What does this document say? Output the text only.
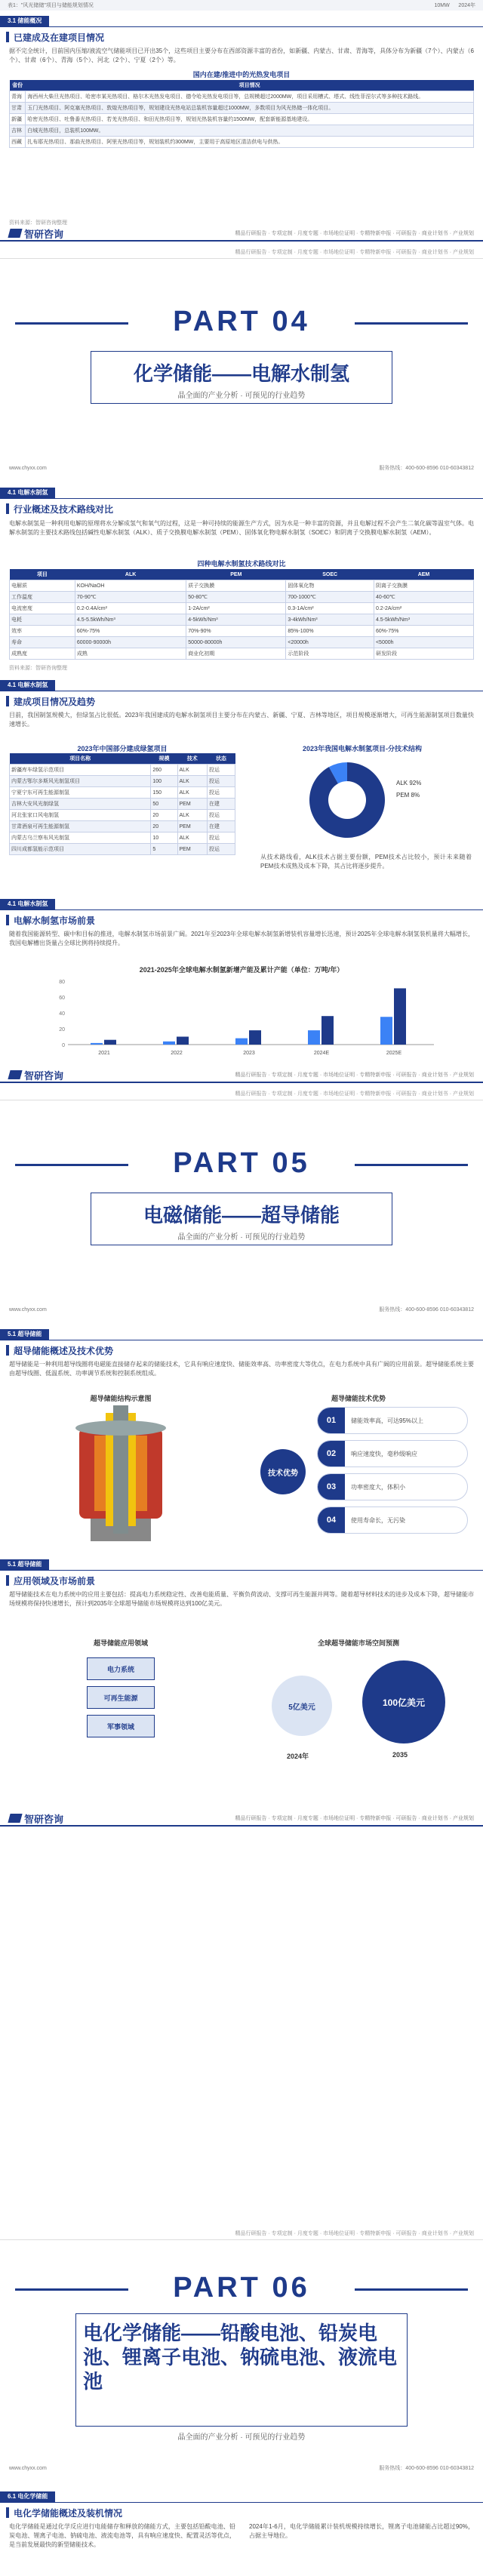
表1："风光储储"项目与储能规划情况	10MW 2024年
3.1 储能概况
已建成及在建项目情况
据不完全统计，目前国内压缩/液流空气储能项目已开出35个，这些项目主要分布在西部资源丰富的省份，如新疆、内蒙古、甘肃、青海等，具体分布为新疆（7个）、内蒙古（6个）、甘肃（6个）、青海（5个）、河北（2个）、宁夏（2个）等。
国内在建/推进中的光热发电项目
省份	项目情况
青海	海西州大柴旦光热项目、哈密市某光热项目、格尔木光热发电项目、德令哈光热发电项目等，总规模超过2000MW，项目采用槽式、塔式、线性菲涅尔式等多种技术路线。
甘肃	玉门光热项目、阿克塞光热项目、敦煌光热项目等，规划建设光热电站总装机容量超过1000MW，多数项目为风光热储一体化项目。
新疆	哈密光热项目、吐鲁番光热项目、若羌光热项目、和田光热项目等，规划光热装机容量约1500MW，配套新能源基地建设。
吉林	白城光热项目，总装机100MW。
西藏	扎布耶光热项目、那曲光热项目、阿里光热项目等，规划装机约300MW，主要用于高原地区清洁供电与供热。
资料来源：智研咨询整理
智研咨询	精品行研报告 · 专项定制 · 月度专题 · 市场地位证明 · 专精特新申报 · 可研报告 · 商业计划书 · 产业规划
精品行研报告 · 专项定制 · 月度专题 · 市场地位证明 · 专精特新申报 · 可研报告 · 商业计划书 · 产业规划
PART 04
化学储能——电解水制氢
晶全面的产业分析 · 可预见的行业趋势
www.chyxx.com	服务热线：400-600-8596 010-60343812
4.1 电解水制氢
行业概述及技术路线对比
电解水制氢是一种利用电解的原理将水分解成氢气和氧气的过程，这是一种可持续的能源生产方式，因为水是一种丰富的资源，并且电解过程不会产生二氧化碳等温室气体。电解水制氢的主要技术路线包括碱性电解水制氢（ALK）、质子交换膜电解水制氢（PEM）、固体氧化物电解水制氢（SOEC）和阴离子交换膜电解水制氢（AEM）。
四种电解水制氢技术路线对比
项目	ALK	PEM	SOEC	AEM
电解质	KOH/NaOH	质子交换膜	固体氧化物	阴离子交换膜
工作温度	70-90℃	50-80℃	700-1000℃	40-60℃
电流密度	0.2-0.4A/cm²	1-2A/cm²	0.3-1A/cm²	0.2-2A/cm²
电耗	4.5-5.5kWh/Nm³	4-5kWh/Nm³	3-4kWh/Nm³	4.5-5kWh/Nm³
效率	60%-75%	70%-90%	85%-100%	60%-75%
寿命	60000-90000h	50000-80000h	<20000h	<5000h
成熟度	成熟	商业化初期	示范阶段	研发阶段
资料来源：智研咨询整理
4.1 电解水制氢
建成项目情况及趋势
目前，我国制氢规模大，但绿氢占比很低。2023年我国建成的电解水制氢项目主要分布在内蒙古、新疆、宁夏、吉林等地区，项目规模逐渐增大，可再生能源制氢项目数量快速增长。
2023年中国部分建成绿氢项目
项目名称	规模	技术	状态
新疆库车绿氢示范项目	260	ALK	投运
内蒙古鄂尔多斯风光制氢项目	100	ALK	投运
宁夏宁东可再生能源制氢	150	ALK	投运
吉林大安风光制绿氢	50	PEM	在建
河北张家口风电制氢	20	ALK	投运
甘肃酒泉可再生能源制氢	20	PEM	在建
内蒙古乌兰察布风光制氢	10	ALK	投运
四川成都氢能示范项目	5	PEM	投运
2023年我国电解水制氢项目-分技术结构
ALK 92%
PEM 8%
从技术路线看，ALK技术占据主要份额，PEM技术占比较小，预计未来随着PEM技术成熟及成本下降，其占比将逐步提升。
4.1 电解水制氢
电解水制氢市场前景
随着我国能源转型、碳中和目标的推进，电解水制氢市场前景广阔。2021年至2023年全球电解水制氢新增装机容量增长迅速，预计2025年全球电解水制氢装机量将大幅增长，我国电解槽出货量占全球比例将持续提升。
2021-2025年全球电解水制氢新增产能及累计产能（单位：万吨/年）
2021	2022	2023	2024E	2025E
0
20
40
60
80
智研咨询	精品行研报告 · 专项定制 · 月度专题 · 市场地位证明 · 专精特新申报 · 可研报告 · 商业计划书 · 产业规划
精品行研报告 · 专项定制 · 月度专题 · 市场地位证明 · 专精特新申报 · 可研报告 · 商业计划书 · 产业规划
PART 05
电磁储能——超导储能
晶全面的产业分析 · 可预见的行业趋势
www.chyxx.com	服务热线：400-600-8596 010-60343812
5.1 超导储能
超导储能概述及技术优势
超导储能是一种利用超导线圈将电磁能直接储存起来的储能技术，它具有响应速度快、储能效率高、功率密度大等优点，在电力系统中具有广阔的应用前景。超导储能系统主要由超导线圈、低温系统、功率调节系统和控制系统组成。
超导储能结构示意图	超导储能技术优势
技术优势
01	储能效率高，可达95%以上
02	响应速度快，毫秒级响应
03	功率密度大，体积小
04	使用寿命长，无污染
5.1 超导储能
应用领域及市场前景
超导储能技术在电力系统中的应用主要包括：提高电力系统稳定性、改善电能质量、平衡负荷波动、支撑可再生能源并网等。随着超导材料技术的进步及成本下降，超导储能市场规模将保持快速增长，预计到2035年全球超导储能市场规模将达到100亿美元。
超导储能应用领域
电力系统
可再生能源
军事领域
全球超导储能市场空间预测
5亿美元	100亿美元
2024年	2035
智研咨询	精品行研报告 · 专项定制 · 月度专题 · 市场地位证明 · 专精特新申报 · 可研报告 · 商业计划书 · 产业规划
精品行研报告 · 专项定制 · 月度专题 · 市场地位证明 · 专精特新申报 · 可研报告 · 商业计划书 · 产业规划
PART 06
电化学储能——铅酸电池、铅炭电池、锂离子电池、钠硫电池、液流电池
晶全面的产业分析 · 可预见的行业趋势
www.chyxx.com	服务热线：400-600-8596 010-60343812
6.1 电化学储能
电化学储能概述及装机情况
电化学储能是通过化学反应进行电能储存和释放的储能方式，主要包括铅酸电池、铅炭电池、锂离子电池、钠硫电池、液流电池等，具有响应速度快、配置灵活等优点，是当前发展最快的新型储能技术。
2024年1-6月，电化学储能累计装机规模持续增长，锂离子电池储能占比超过90%，占据主导地位。
